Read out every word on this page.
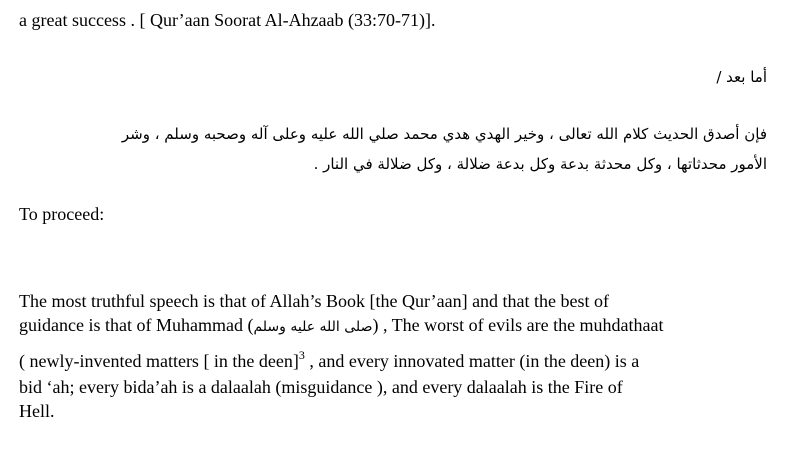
a great success . [ Qur’aan Soorat Al-Ahzaab (33:70-71)].
أما بعد /
فإن أصدق الحديث كلام الله تعالى ، وخير الهدي هدي محمد صلي الله عليه وعلى آله وصحبه وسلم ، وشر
الأمور محدثاتها ، وكل محدثة بدعة وكل بدعة ضلالة ، وكل ضلالة في النار .
To proceed:
The most truthful speech is that of Allah’s Book [the Qur’aan] and that the best of
guidance is that of Muhammad (صلى الله عليه وسلم) , The worst of evils are the muhdathaat
( newly-invented matters [ in the deen]$^3$ , and every innovated matter (in the deen) is a
bid ‘ah; every bida’ah is a dalaalah (misguidance ), and every dalaalah is the Fire of
Hell.
